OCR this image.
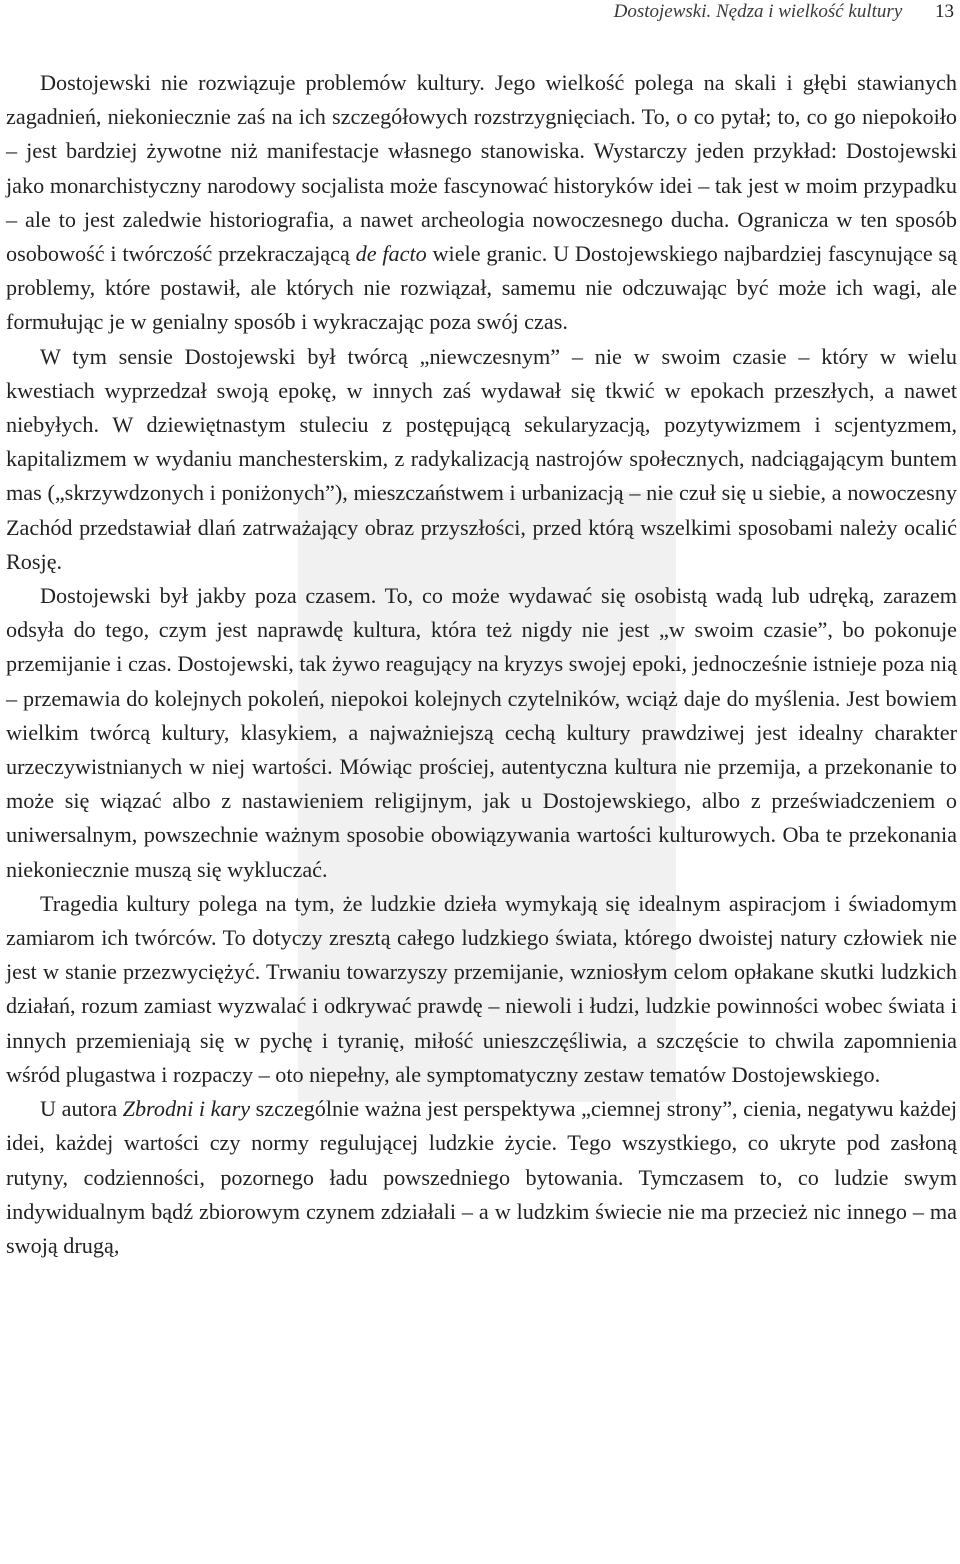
Dostojewski. Nędza i wielkość kultury 13

Dostojewski nie rozwiązuje problemów kultury. Jego wielkość polega na skali i głębi stawianych zagadnień, niekoniecznie zaś na ich szczegółowych rozstrzygnięciach. To, o co pytał; to, co go niepokoiło – jest bardziej żywotne niż manifestacje własnego stanowiska. Wystarczy jeden przykład: Dostojewski jako monarchistyczny narodowy socjalista może fascynować historyków idei – tak jest w moim przypadku – ale to jest zaledwie historiografia, a nawet archeologia nowoczesnego ducha. Ogranicza w ten sposób osobowość i twórczość przekraczającą de facto wiele granic. U Dostojewskiego najbardziej fascynujące są problemy, które postawił, ale których nie rozwiązał, samemu nie odczuwając być może ich wagi, ale formułując je w genialny sposób i wykraczając poza swój czas.

W tym sensie Dostojewski był twórcą „niewczesnym” – nie w swoim czasie – który w wielu kwestiach wyprzedzał swoją epokę, w innych zaś wydawał się tkwić w epokach przeszłych, a nawet niebyłych. W dziewiętnastym stuleciu z postępującą sekularyzacją, pozytywizmem i scjentyzmem, kapitalizmem w wydaniu manchesterskim, z radykalizacją nastrojów społecznych, nadciągającym buntem mas („skrzywdzonych i poniżonych”), mieszczaństwem i urbanizacją – nie czuł się u siebie, a nowoczesny Zachód przedstawiał dlań zatrważający obraz przyszłości, przed którą wszelkimi sposobami należy ocalić Rosję.

Dostojewski był jakby poza czasem. To, co może wydawać się osobistą wadą lub udręką, zarazem odsyła do tego, czym jest naprawdę kultura, która też nigdy nie jest „w swoim czasie”, bo pokonuje przemijanie i czas. Dostojewski, tak żywo reagujący na kryzys swojej epoki, jednocześnie istnieje poza nią – przemawia do kolejnych pokoleń, niepokoi kolejnych czytelników, wciąż daje do myślenia. Jest bowiem wielkim twórcą kultury, klasykiem, a najważniejszą cechą kultury prawdziwej jest idealny charakter urzeczywistnianych w niej wartości. Mówiąc prościej, autentyczna kultura nie przemija, a przekonanie to może się wiązać albo z nastawieniem religijnym, jak u Dostojewskiego, albo z przeświadczeniem o uniwersalnym, powszechnie ważnym sposobie obowiązywania wartości kulturowych. Oba te przekonania niekoniecznie muszą się wykluczać.

Tragedia kultury polega na tym, że ludzkie dzieła wymykają się idealnym aspiracjom i świadomym zamiarom ich twórców. To dotyczy zresztą całego ludzkiego świata, którego dwoistej natury człowiek nie jest w stanie przezwyciężyć. Trwaniu towarzyszy przemijanie, wzniosłym celom opłakane skutki ludzkich działań, rozum zamiast wyzwalać i odkrywać prawdę – niewoli i łudzi, ludzkie powinności wobec świata i innych przemieniają się w pychę i tyranię, miłość unieszczęśliwia, a szczęście to chwila zapomnienia wśród plugastwa i rozpaczy – oto niepełny, ale symptomatyczny zestaw tematów Dostojewskiego.

U autora Zbrodni i kary szczególnie ważna jest perspektywa „ciemnej strony”, cienia, negatywu każdej idei, każdej wartości czy normy regulującej ludzkie życie. Tego wszystkiego, co ukryte pod zasłoną rutyny, codzienności, pozornego ładu powszedniego bytowania. Tymczasem to, co ludzie swym indywidualnym bądź zbiorowym czynem zdziałali – a w ludzkim świecie nie ma przecież nic innego – ma swoją drugą,
